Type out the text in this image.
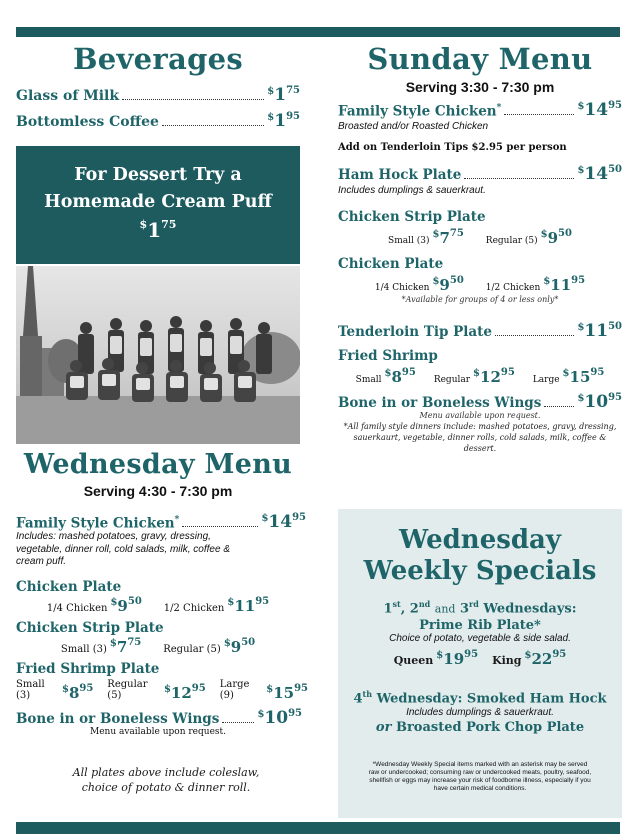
Beverages
Glass of Milk	$^{\$}1^{75}$
Bottomless Coffee	$^{\$}1^{95}$
For Dessert Try a
Homemade Cream Puff
$^{\$}1^{75}$
Wednesday Menu
Serving 4:30 - 7:30 pm
Family Style Chicken*	$^{\$}14^{95}$
Includes: mashed potatoes, gravy, dressing, vegetable, dinner roll, cold salads, milk, coffee & cream puff.
Chicken Plate
1/4 Chicken
$^{\$}9^{50}$
1/2 Chicken
$^{\$}11^{95}$
Chicken Strip Plate
Small (3)
$^{\$}7^{75}$
Regular (5)
$^{\$}9^{50}$
Fried Shrimp Plate
Small (3)
$^{\$}8^{95}$ Regular (5)
$^{\$}12^{95}$ Large (9)
$^{\$}15^{95}$
Bone in or Boneless Wings	$^{\$}10^{95}$
Menu available upon request.
All plates above include coleslaw,
choice of potato & dinner roll.
Sunday Menu
Serving 3:30 - 7:30 pm
Family Style Chicken*	$^{\$}14^{95}$
Broasted and/or Roasted Chicken
Add on Tenderloin Tips $2.95 per person
Ham Hock Plate	$^{\$}14^{50}$
Includes dumplings & sauerkraut.
Chicken Strip Plate
Small (3)
$^{\$}7^{75}$
Regular (5)
$^{\$}9^{50}$
Chicken Plate
1/4 Chicken
$^{\$}9^{50}$
1/2 Chicken
$^{\$}11^{95}$
*Available for groups of 4 or less only*
Tenderloin Tip Plate	$^{\$}11^{50}$
Fried Shrimp
Small
$^{\$}8^{95}$
Regular
$^{\$}12^{95}$
Large
$^{\$}15^{95}$
Bone in or Boneless Wings	$^{\$}10^{95}$
Menu available upon request.
*All family style dinners include: mashed potatoes, gravy, dressing, sauerkaurt, vegetable, dinner rolls, cold salads, milk, coffee & dessert.
Wednesday
Weekly Specials
1st, 2nd and 3rd Wednesdays:
Prime Rib Plate*
Choice of potato, vegetable & side salad.
Queen $^{\$}19^{95}$ King $^{\$}22^{95}$
4th Wednesday: Smoked Ham Hock
Includes dumplings & sauerkraut.
or Broasted Pork Chop Plate
*Wednesday Weekly Special items marked with an asterisk may be served raw or undercooked; consuming raw or undercooked meats, poultry, seafood, shellfish or eggs may increase your risk of foodborne illness, especially if you have certain medical conditions.
